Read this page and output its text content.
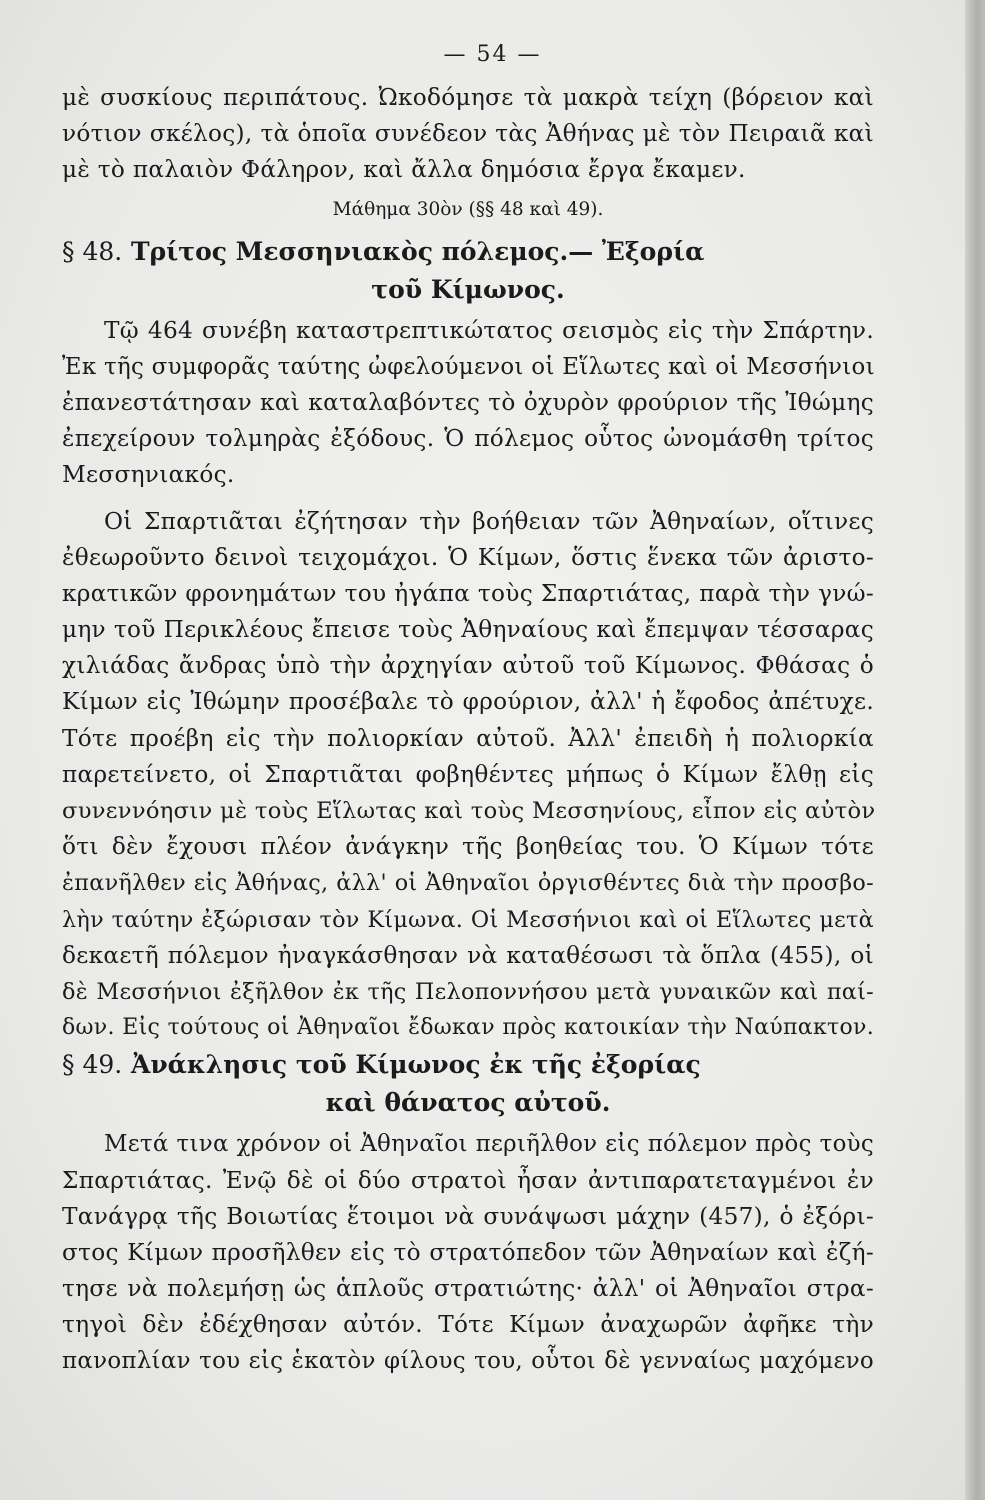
— 54 —
μὲ συσκίους περιπάτους. Ὠκοδόμησε τὰ μακρὰ τείχη (βόρειον καὶ
νότιον σκέλος), τὰ ὁποῖα συνέδεον τὰς Ἀθήνας μὲ τὸν Πειραιᾶ καὶ
μὲ τὸ παλαιὸν Φάληρον, καὶ ἄλλα δημόσια ἔργα ἔκαμεν.
Μάθημα 30ὸν (§§ 48 καὶ 49).
§ 48. Τρίτος Μεσσηνιακὸς πόλεμος.— Ἐξορία
τοῦ Κίμωνος.
Τῷ 464 συνέβη καταστρεπτικώτατος σεισμὸς εἰς τὴν Σπάρτην.
Ἐκ τῆς συμφορᾶς ταύτης ὠφελούμενοι οἱ Εἵλωτες καὶ οἱ Μεσσήνιοι
ἐπανεστάτησαν καὶ καταλαβόντες τὸ ὀχυρὸν φρούριον τῆς Ἰθώμης
ἐπεχείρουν τολμηρὰς ἐξόδους. Ὁ πόλεμος οὗτος ὠνομάσθη τρίτος
Μεσσηνιακός.
Οἱ Σπαρτιᾶται ἐζήτησαν τὴν βοήθειαν τῶν Ἀθηναίων, οἵτινες
ἐθεωροῦντο δεινοὶ τειχομάχοι. Ὁ Κίμων, ὅστις ἕνεκα τῶν ἀριστο-
κρατικῶν φρονημάτων του ἠγάπα τοὺς Σπαρτιάτας, παρὰ τὴν γνώ-
μην τοῦ Περικλέους ἔπεισε τοὺς Ἀθηναίους καὶ ἔπεμψαν τέσσαρας
χιλιάδας ἄνδρας ὑπὸ τὴν ἀρχηγίαν αὐτοῦ τοῦ Κίμωνος. Φθάσας ὁ
Κίμων εἰς Ἰθώμην προσέβαλε τὸ φρούριον, ἀλλ' ἡ ἔφοδος ἀπέτυχε.
Τότε προέβη εἰς τὴν πολιορκίαν αὐτοῦ. Ἀλλ' ἐπειδὴ ἡ πολιορκία
παρετείνετο, οἱ Σπαρτιᾶται φοβηθέντες μήπως ὁ Κίμων ἔλθῃ εἰς
συνεννόησιν μὲ τοὺς Εἵλωτας καὶ τοὺς Μεσσηνίους, εἶπον εἰς αὐτὸν
ὅτι δὲν ἔχουσι πλέον ἀνάγκην τῆς βοηθείας του. Ὁ Κίμων τότε
ἐπανῆλθεν εἰς Ἀθήνας, ἀλλ' οἱ Ἀθηναῖοι ὀργισθέντες διὰ τὴν προσβο-
λὴν ταύτην ἐξώρισαν τὸν Κίμωνα. Οἱ Μεσσήνιοι καὶ οἱ Εἵλωτες μετὰ
δεκαετῆ πόλεμον ἠναγκάσθησαν νὰ καταθέσωσι τὰ ὅπλα (455), οἱ
δὲ Μεσσήνιοι ἐξῆλθον ἐκ τῆς Πελοποννήσου μετὰ γυναικῶν καὶ παί-
δων. Εἰς τούτους οἱ Ἀθηναῖοι ἔδωκαν πρὸς κατοικίαν τὴν Ναύπακτον.
§ 49. Ἀνάκλησις τοῦ Κίμωνος ἐκ τῆς ἐξορίας
καὶ θάνατος αὐτοῦ.
Μετά τινα χρόνον οἱ Ἀθηναῖοι περιῆλθον εἰς πόλεμον πρὸς τοὺς
Σπαρτιάτας. Ἐνῷ δὲ οἱ δύο στρατοὶ ἦσαν ἀντιπαρατεταγμένοι ἐν
Τανάγρᾳ τῆς Βοιωτίας ἕτοιμοι νὰ συνάψωσι μάχην (457), ὁ ἐξόρι-
στος Κίμων προσῆλθεν εἰς τὸ στρατόπεδον τῶν Ἀθηναίων καὶ ἐζή-
τησε νὰ πολεμήσῃ ὡς ἁπλοῦς στρατιώτης· ἀλλ' οἱ Ἀθηναῖοι στρα-
τηγοὶ δὲν ἐδέχθησαν αὐτόν. Τότε Κίμων ἀναχωρῶν ἀφῆκε τὴν
πανοπλίαν του εἰς ἑκατὸν φίλους του, οὗτοι δὲ γενναίως μαχόμενο
